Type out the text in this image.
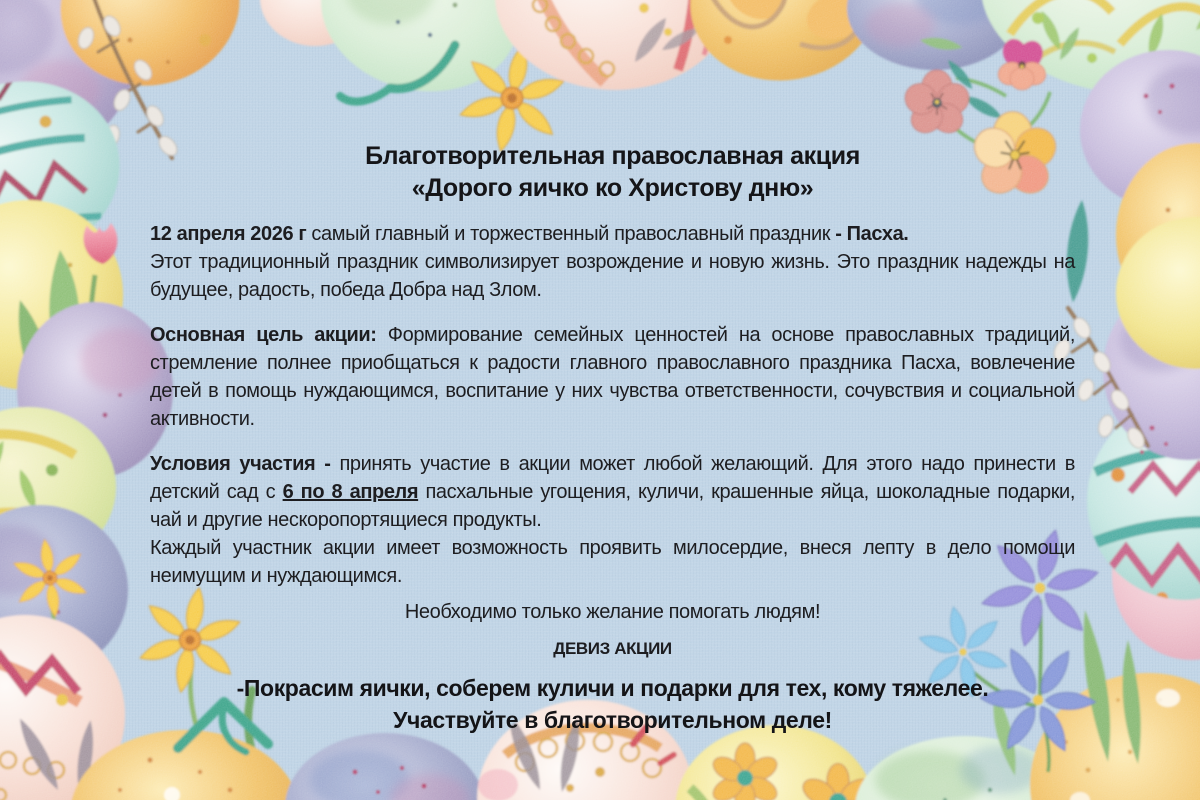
Благотворительная православная акция
«Дорого яичко ко Христову дню»

12 апреля 2026 г самый главный и торжественный православный праздник - Пасха.
Этот традиционный праздник символизирует возрождение и новую жизнь. Это праздник надежды на будущее, радость, победа Добра над Злом.

Основная цель акции: Формирование семейных ценностей на основе православных традиций, стремление полнее приобщаться к радости главного православного праздника Пасха, вовлечение детей в помощь нуждающимся, воспитание у них чувства ответственности, сочувствия и социальной активности.

Условия участия - принять участие в акции может любой желающий. Для этого надо принести в детский сад с 6 по 8 апреля пасхальные угощения, куличи, крашенные яйца, шоколадные подарки, чай и другие нескоропортящиеся продукты.

Каждый участник акции имеет возможность проявить милосердие, внеся лепту в дело помощи неимущим и нуждающимся.

Необходимо только желание помогать людям!

ДЕВИЗ АКЦИИ

-Покрасим яички, соберем куличи и подарки для тех, кому тяжелее.
Участвуйте в благотворительном деле!
